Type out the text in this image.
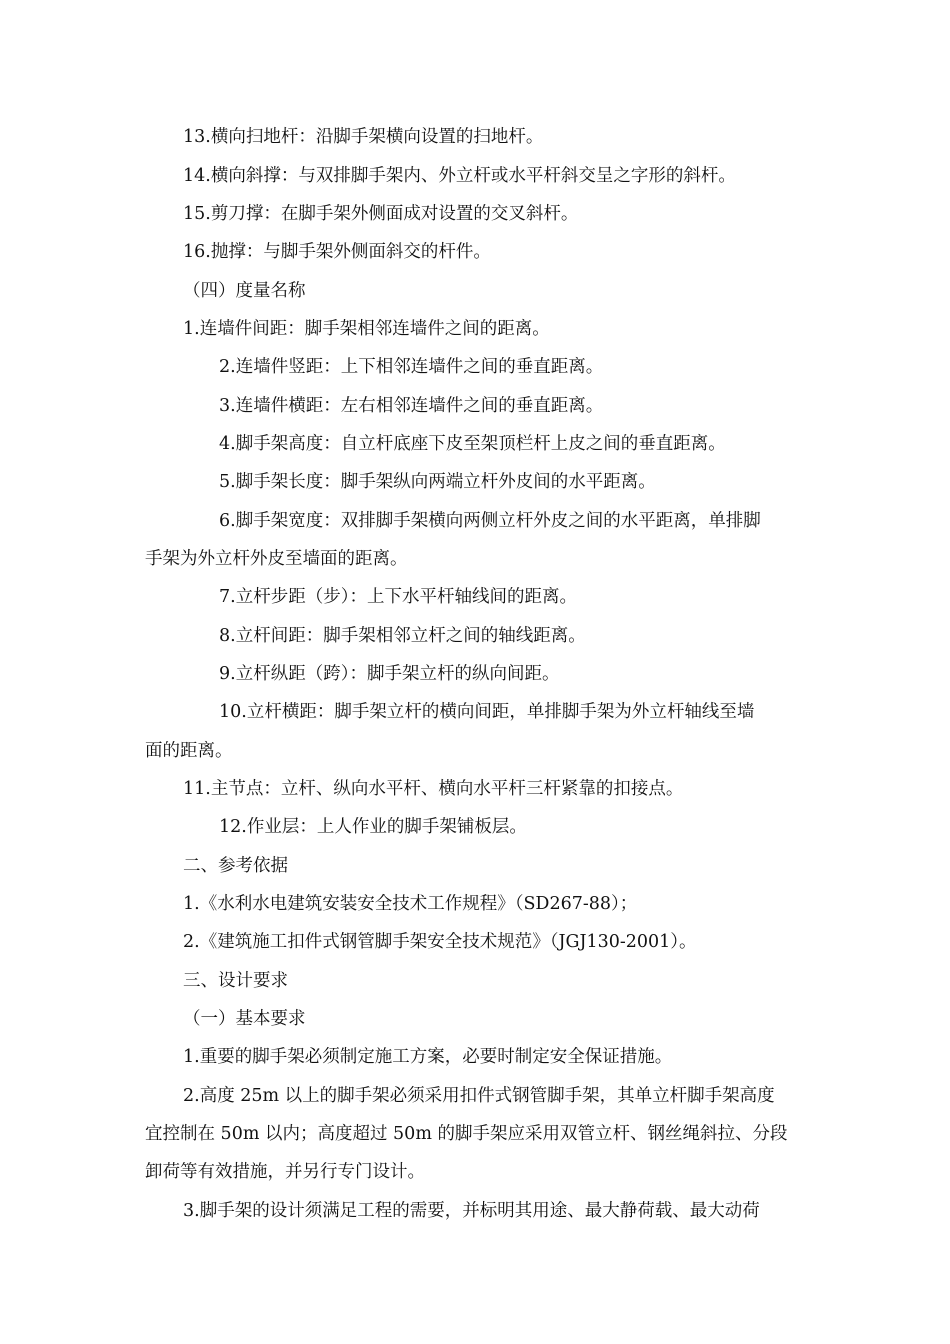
13.横向扫地杆：沿脚手架横向设置的扫地杆。
14.横向斜撑：与双排脚手架内、外立杆或水平杆斜交呈之字形的斜杆。
15.剪刀撑：在脚手架外侧面成对设置的交叉斜杆。
16.抛撑：与脚手架外侧面斜交的杆件。
（四）度量名称
1.连墙件间距：脚手架相邻连墙件之间的距离。
2.连墙件竖距：上下相邻连墙件之间的垂直距离。
3.连墙件横距：左右相邻连墙件之间的垂直距离。
4.脚手架高度：自立杆底座下皮至架顶栏杆上皮之间的垂直距离。
5.脚手架长度：脚手架纵向两端立杆外皮间的水平距离。
6.脚手架宽度：双排脚手架横向两侧立杆外皮之间的水平距离，单排脚
手架为外立杆外皮至墙面的距离。
7.立杆步距（步）：上下水平杆轴线间的距离。
8.立杆间距：脚手架相邻立杆之间的轴线距离。
9.立杆纵距（跨）：脚手架立杆的纵向间距。
10.立杆横距：脚手架立杆的横向间距，单排脚手架为外立杆轴线至墙
面的距离。
11.主节点：立杆、纵向水平杆、横向水平杆三杆紧靠的扣接点。
12.作业层：上人作业的脚手架铺板层。
二、参考依据
1.《水利水电建筑安装安全技术工作规程》（SD267-88）；
2.《建筑施工扣件式钢管脚手架安全技术规范》（JGJ130-2001）。
三、设计要求
（一）基本要求
1.重要的脚手架必须制定施工方案，必要时制定安全保证措施。
2.高度 25m 以上的脚手架必须采用扣件式钢管脚手架，其单立杆脚手架高度
宜控制在 50m 以内；高度超过 50m 的脚手架应采用双管立杆、钢丝绳斜拉、分段
卸荷等有效措施，并另行专门设计。
3.脚手架的设计须满足工程的需要，并标明其用途、最大静荷载、最大动荷
